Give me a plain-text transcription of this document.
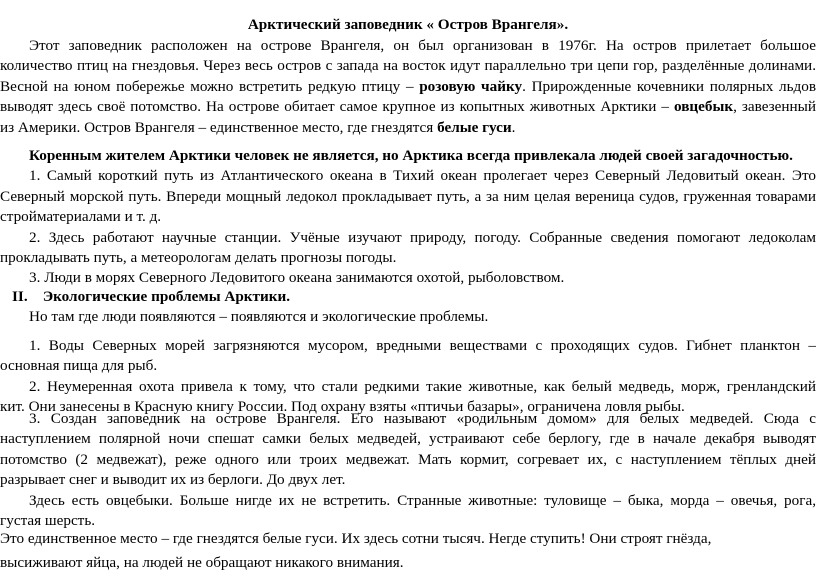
Арктический заповедник « Остров Врангеля».
Этот заповедник расположен на острове Врангеля, он был организован в 1976г. На остров прилетает большое
количество птиц на гнездовья. Через весь остров с запада на восток идут параллельно три цепи гор, разделённые долинами.
Весной на юном побережье можно встретить редкую птицу – розовую чайку. Прирожденные кочевники полярных льдов
выводят здесь своё потомство. На острове обитает самое крупное из копытных животных Арктики – овцебык, завезенный
из Америки. Остров Врангеля – единственное место, где гнездятся белые гуси.
Коренным жителем Арктики человек не является, но Арктика всегда привлекала людей своей загадочностью.
1. Самый короткий путь из Атлантического океана в Тихий океан пролегает через Северный Ледовитый океан. Это
Северный морской путь. Впереди мощный ледокол прокладывает путь, а за ним целая вереница судов, груженная товарами
стройматериалами и т. д.
2. Здесь работают научные станции. Учёные изучают природу, погоду. Собранные сведения помогают ледоколам
прокладывать путь, а метеорологам делать прогнозы погоды.
3. Люди в морях Северного Ледовитого океана занимаются охотой, рыболовством.
II. Экологические проблемы Арктики.
Но там где люди появляются – появляются и экологические проблемы.
1. Воды Северных морей загрязняются мусором, вредными веществами с проходящих судов. Гибнет планктон –
основная пища для рыб.
2. Неумеренная охота привела к тому, что стали редкими такие животные, как белый медведь, морж, гренландский
кит. Они занесены в Красную книгу России. Под охрану взяты «птичьи базары», ограничена ловля рыбы.
3. Создан заповедник на острове Врангеля. Его называют «родильным домом» для белых медведей. Сюда с
наступлением полярной ночи спешат самки белых медведей, устраивают себе берлогу, где в начале декабря выводят
потомство (2 медвежат), реже одного или троих медвежат. Мать кормит, согревает их, с наступлением тёплых дней
разрывает снег и выводит их из берлоги. До двух лет.
Здесь есть овцебыки. Больше нигде их не встретить. Странные животные: туловище – быка, морда – овечья, рога,
густая шерсть.
Это единственное место – где гнездятся белые гуси. Их здесь сотни тысяч. Негде ступить! Они строят гнёзда,
высиживают яйца, на людей не обращают никакого внимания.
